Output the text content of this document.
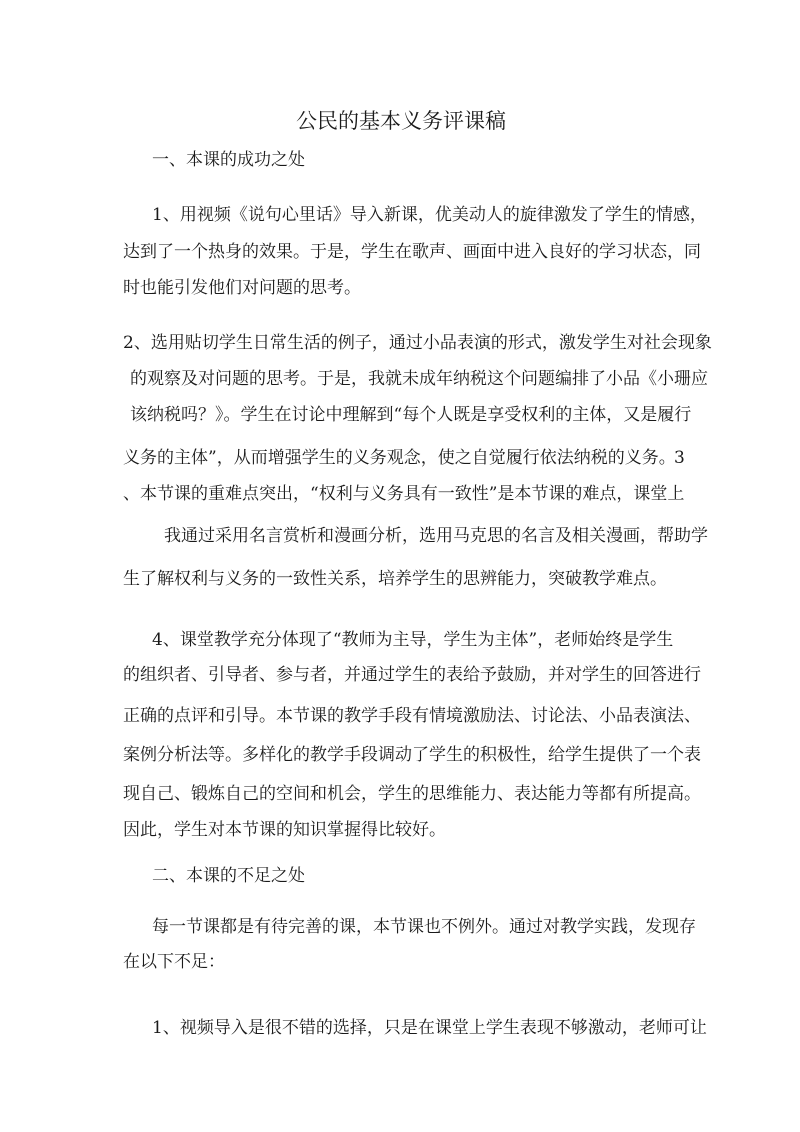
公民的基本义务评课稿

一、本课的成功之处

1、用视频《说句心里话》导入新课，优美动人的旋律激发了学生的情感，

达到了一个热身的效果。于是，学生在歌声、画面中进入良好的学习状态，同

时也能引发他们对问题的思考。

2、选用贴切学生日常生活的例子，通过小品表演的形式，激发学生对社会现象

的观察及对问题的思考。于是，我就未成年纳税这个问题编排了小品《小珊应

该纳税吗？》。学生在讨论中理解到“每个人既是享受权利的主体，又是履行

义务的主体”，从而增强学生的义务观念，使之自觉履行依法纳税的义务。

3

、本节课的重难点突出，“权利与义务具有一致性”是本节课的难点，课堂上

我通过采用名言赏析和漫画分析，选用马克思的名言及相关漫画，帮助学

生了解权利与义务的一致性关系，培养学生的思辨能力，突破教学难点。

4、课堂教学充分体现了“教师为主导，学生为主体”，老师始终是学生

的组织者、引导者、参与者，并通过学生的表给予鼓励，并对学生的回答进行

正确的点评和引导。本节课的教学手段有情境激励法、讨论法、小品表演法、

案例分析法等。多样化的教学手段调动了学生的积极性，给学生提供了一个表

现自己、锻炼自己的空间和机会，学生的思维能力、表达能力等都有所提高。

因此，学生对本节课的知识掌握得比较好。

二、本课的不足之处

每一节课都是有待完善的课，本节课也不例外。通过对教学实践，发现存

在以下不足：

1、视频导入是很不错的选择，只是在课堂上学生表现不够激动，老师可让
